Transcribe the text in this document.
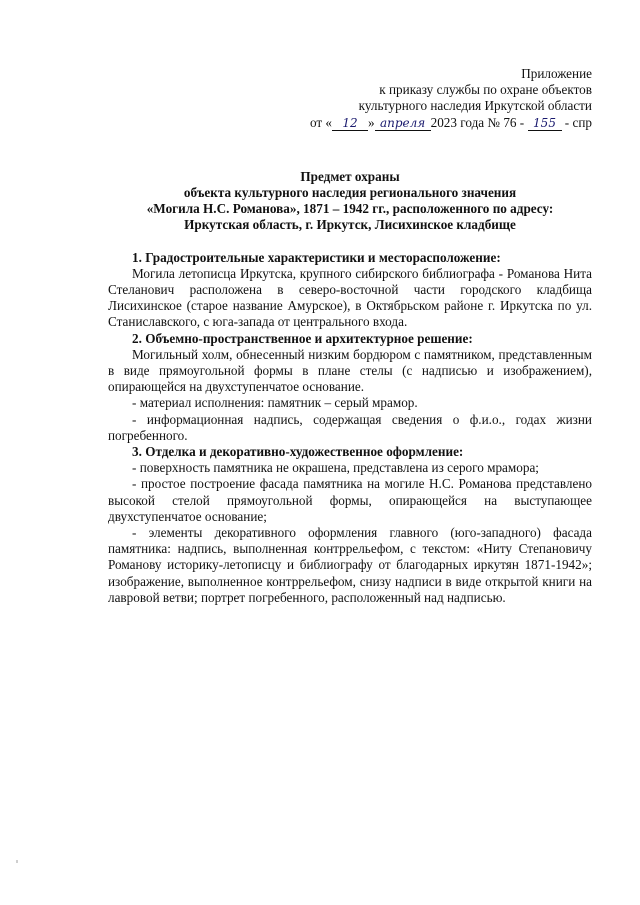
Приложение
к приказу службы по охране объектов
культурного наследия Иркутской области
от « 12 » апреля 2023 года № 76 - 155 - спр
Предмет охраны
объекта культурного наследия регионального значения
«Могила Н.С. Романова», 1871 – 1942 гг., расположенного по адресу:
Иркутская область, г. Иркутск, Лисихинское кладбище
1. Градостроительные характеристики и месторасположение:

Могила летописца Иркутска, крупного сибирского библиографа - Романова Нита Стеланович расположена в северо-восточной части городского кладбища Лисихинское (старое название Амурское), в Октябрьском районе г. Иркутска по ул. Станиславского, с юга-запада от центрального входа.

2. Объемно-пространственное и архитектурное решение:

Могильный холм, обнесенный низким бордюром с памятником, представленным в виде прямоугольной формы в плане стелы (с надписью и изображением), опирающейся на двухступенчатое основание.

- материал исполнения: памятник – серый мрамор.

- информационная надпись, содержащая сведения о ф.и.о., годах жизни погребенного.

3. Отделка и декоративно-художественное оформление:

- поверхность памятника не окрашена, представлена из серого мрамора;

- простое построение фасада памятника на могиле Н.С. Романова представлено высокой стелой прямоугольной формы, опирающейся на выступающее двухступенчатое основание;

- элементы декоративного оформления главного (юго-западного) фасада памятника: надпись, выполненная контррельефом, с текстом: «Ниту Степановичу Романову историку-летописцу и библиографу от благодарных иркутян 1871-1942»; изображение, выполненное контррельефом, снизу надписи в виде открытой книги на лавровой ветви; портрет погребенного, расположенный над надписью.
